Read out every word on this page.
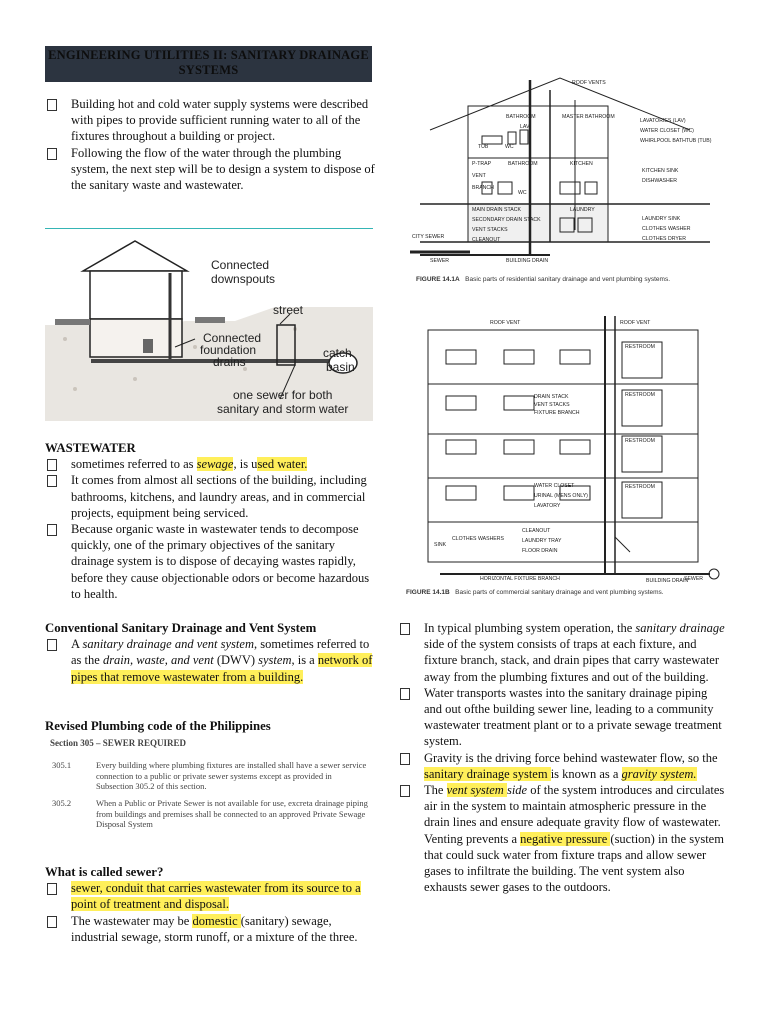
ENGINEERING UTILITIES II: SANITARY DRAINAGE SYSTEMS
Building hot and cold water supply systems were described with pipes to provide sufficient running water to all of the fixtures throughout a building or project.
Following the flow of the water through the plumbing system, the next step will be to design a system to dispose of the sanitary waste and wastewater.
Connected downspouts
street
Connected foundation drains
catch basin
one sewer for both sanitary and storm water
WASTEWATER
sometimes referred to as sewage, is used water.
It comes from almost all sections of the building, including bathrooms, kitchens, and laundry areas, and in commercial projects, equipment being serviced.
Because organic waste in wastewater tends to decompose quickly, one of the primary objectives of the sanitary drainage system is to dispose of decaying wastes rapidly, before they cause objectionable odors or become hazardous to health.
Conventional Sanitary Drainage and Vent System
A sanitary drainage and vent system, sometimes referred to as the drain, waste, and vent (DWV) system, is a network of pipes that remove wastewater from a building.
Revised Plumbing code of the Philippines
Section 305 – SEWER REQUIRED
305.1	Every building where plumbing fixtures are installed shall have a sewer service connection to a public or private sewer systems except as provided in Subsection 305.2 of this section.
305.2	When a Public or Private Sewer is not available for use, excreta drainage piping from buildings and premises shall be connected to an approved Private Sewage Disposal System
What is called sewer?
sewer, conduit that carries wastewater from its source to a point of treatment and disposal.
The wastewater may be domestic (sanitary) sewage, industrial sewage, storm runoff, or a mixture of the three.
ROOF VENTS
BATHROOM	MASTER BATHROOM
LAVATORIES (LAV)
WATER CLOSET (WC)
WHIRLPOOL BATHTUB (TUB)
P-TRAP
VENT
BRANCH
BATHROOM	KITCHEN
KITCHEN SINK
DISHWASHER
MAIN DRAIN STACK
SECONDARY DRAIN STACK
VENT STACKS
CLEANOUT
LAUNDRY
LAUNDRY SINK
CLOTHES WASHER
CLOTHES DRYER
CITY SEWER
SEWER	BUILDING DRAIN
TUB	WC
LAV
WC
FIGURE 14.1A Basic parts of residential sanitary drainage and vent plumbing systems.
ROOF VENT	ROOF VENT
RESTROOM
RESTROOM
RESTROOM
RESTROOM
DRAIN STACK
VENT STACKS
FIXTURE BRANCH
WATER CLOSET
URINAL (MENS ONLY)
LAVATORY
CLEANOUT
LAUNDRY TRAY
FLOOR DRAIN
CLOTHES WASHERS
SINK
HORIZONTAL FIXTURE BRANCH	BUILDING DRAIN
SEWER
FIGURE 14.1B Basic parts of commercial sanitary drainage and vent plumbing systems.
In typical plumbing system operation, the sanitary drainage side of the system consists of traps at each fixture, and fixture branch, stack, and drain pipes that carry wastewater away from the plumbing fixtures and out of the building.
Water transports wastes into the sanitary drainage piping and out ofthe building sewer line, leading to a community wastewater treatment plant or to a private sewage treatment system.
Gravity is the driving force behind wastewater flow, so the sanitary drainage system is known as a gravity system.
The vent system side of the system introduces and circulates air in the system to maintain atmospheric pressure in the drain lines and ensure adequate gravity flow of wastewater. Venting prevents a negative pressure (suction) in the system that could suck water from fixture traps and allow sewer gases to infiltrate the building. The vent system also exhausts sewer gases to the outdoors.
